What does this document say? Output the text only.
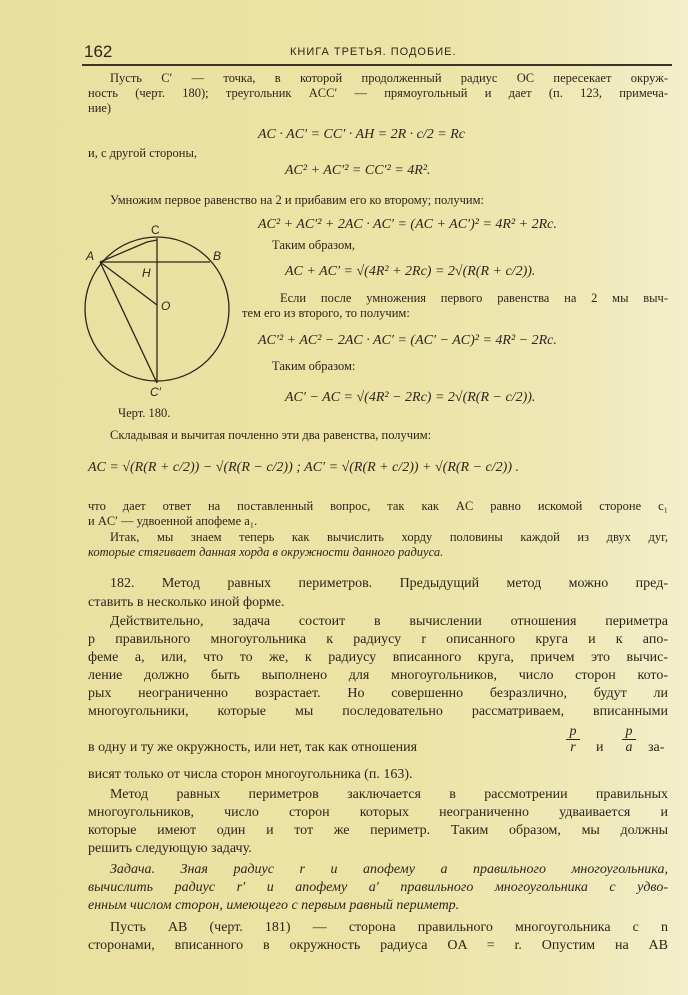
162	КНИГА ТРЕТЬЯ. ПОДОБИЕ.
Пусть C′ — точка, в которой продолженный радиус OC пересекает окруж-
ность (черт. 180); треугольник ACC′ — прямоугольный и дает (п. 123, примеча-
ние)
AC · AC′ = CC′ · AH = 2R · c/2 = Rc
и, с другой стороны,
AC² + AC′² = CC′² = 4R².
Умножим первое равенство на 2 и прибавим его ко второму; получим:
AC² + AC′² + 2AC · AC′ = (AC + AC′)² = 4R² + 2Rc.
Таким образом,
AC + AC′ = √(4R² + 2Rc) = 2√(R(R + c/2)).
Если после умножения первого равенства на 2 мы выч-
тем его из второго, то получим:
AC′² + AC² − 2AC · AC′ = (AC′ − AC)² = 4R² − 2Rc.
Таким образом:
AC′ − AC = √(4R² − 2Rc) = 2√(R(R − c/2)).
C
A	B
H
O
C′
Черт. 180.
Складывая и вычитая почленно эти два равенства, получим:
AC = √(R(R + c/2)) − √(R(R − c/2)) ; AC′ = √(R(R + c/2)) + √(R(R − c/2)) .
что дает ответ на поставленный вопрос, так как AC равно искомой стороне c₁
и AC′ — удвоенной апофеме a₁.
Итак, мы знаем теперь как вычислить хорду половины каждой из двух дуг,
которые стягивает данная хорда в окружности данного радиуса.
182. Метод равных периметров. Предыдущий метод можно пред-
ставить в несколько иной форме.
Действительно, задача состоит в вычислении отношения периметра
p правильного многоугольника к радиусу r описанного круга и к апо-
феме a, или, что то же, к радиусу вписанного круга, причем это вычис-
ление должно быть выполнено для многоугольников, число сторон кото-
рых неограниченно возрастает. Но совершенно безразлично, будут ли
многоугольники, которые мы последовательно рассматриваем, вписанными
в одну и ту же окружность, или нет, так как отношения	$\frac{p}{r}$ и $\frac{p}{a} за-$
висят только от числа сторон многоугольника (п. 163).
Метод равных периметров заключается в рассмотрении правильных
многоугольников, число сторон которых неограниченно удваивается и
которые имеют один и тот же периметр. Таким образом, мы должны
решить следующую задачу.
Задача. Зная радиус r и апофему a правильного многоугольника,
вычислить радиус r′ и апофему a′ правильного многоугольника с удво-
енным числом сторон, имеющего с первым равный периметр.
Пусть AB (черт. 181) — сторона правильного многоугольника с n
сторонами, вписанного в окружность радиуса OA = r. Опустим на AB
